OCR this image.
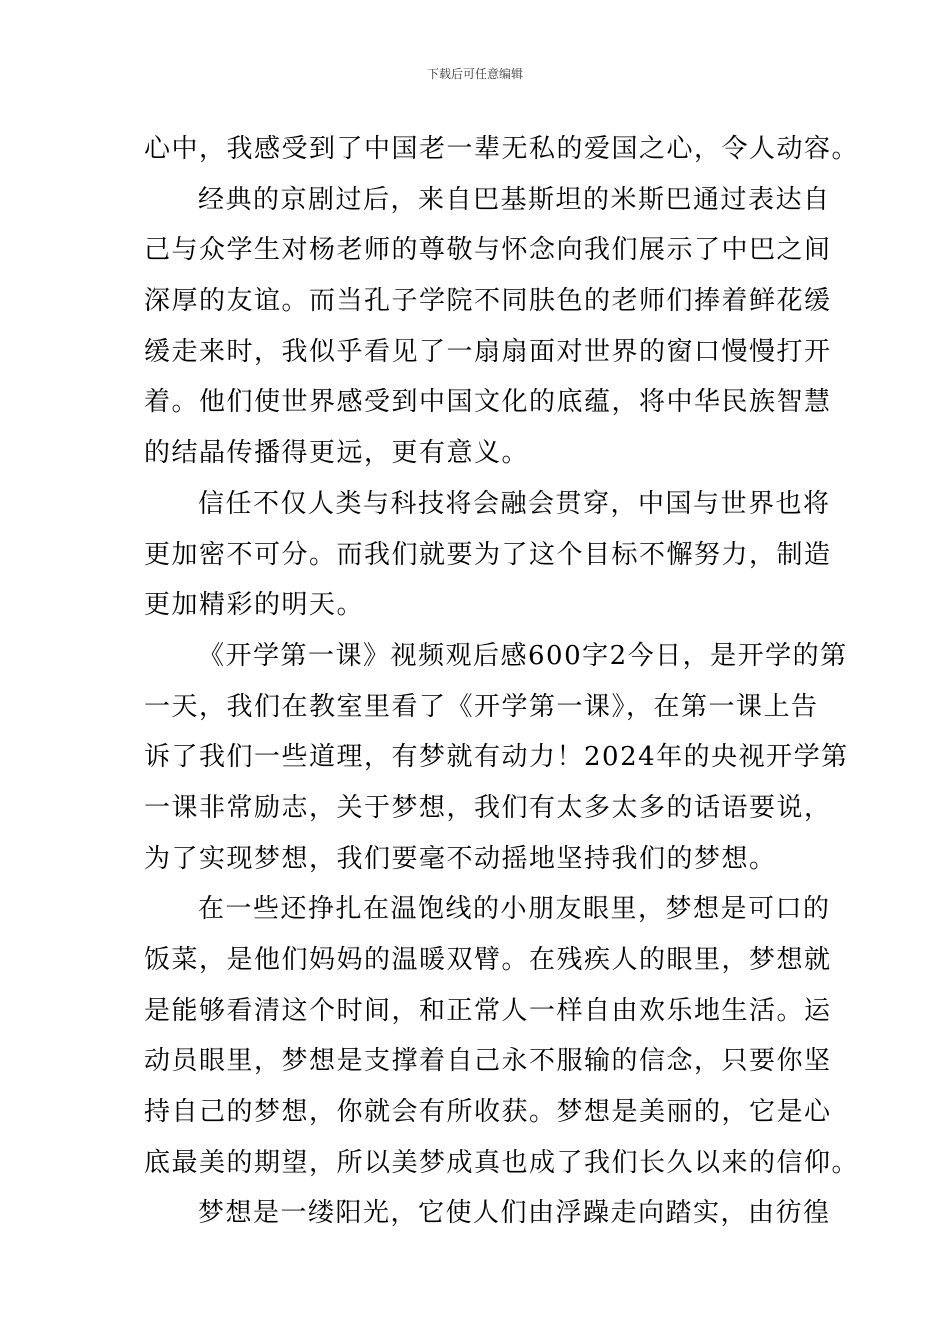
下载后可任意编辑
心中，我感受到了中国老一辈无私的爱国之心，令人动容。
经典的京剧过后，来自巴基斯坦的米斯巴通过表达自
己与众学生对杨老师的尊敬与怀念向我们展示了中巴之间
深厚的友谊。而当孔子学院不同肤色的老师们捧着鲜花缓
缓走来时，我似乎看见了一扇扇面对世界的窗口慢慢打开
着。他们使世界感受到中国文化的底蕴，将中华民族智慧
的结晶传播得更远，更有意义。
信任不仅人类与科技将会融会贯穿，中国与世界也将
更加密不可分。而我们就要为了这个目标不懈努力，制造
更加精彩的明天。
《开学第一课》视频观后感600字2今日，是开学的第
一天，我们在教室里看了《开学第一课》，在第一课上告
诉了我们一些道理，有梦就有动力！2024年的央视开学第
一课非常励志，关于梦想，我们有太多太多的话语要说，
为了实现梦想，我们要毫不动摇地坚持我们的梦想。
在一些还挣扎在温饱线的小朋友眼里，梦想是可口的
饭菜，是他们妈妈的温暖双臂。在残疾人的眼里，梦想就
是能够看清这个时间，和正常人一样自由欢乐地生活。运
动员眼里，梦想是支撑着自己永不服输的信念，只要你坚
持自己的梦想，你就会有所收获。梦想是美丽的，它是心
底最美的期望，所以美梦成真也成了我们长久以来的信仰。
梦想是一缕阳光，它使人们由浮躁走向踏实，由彷徨
